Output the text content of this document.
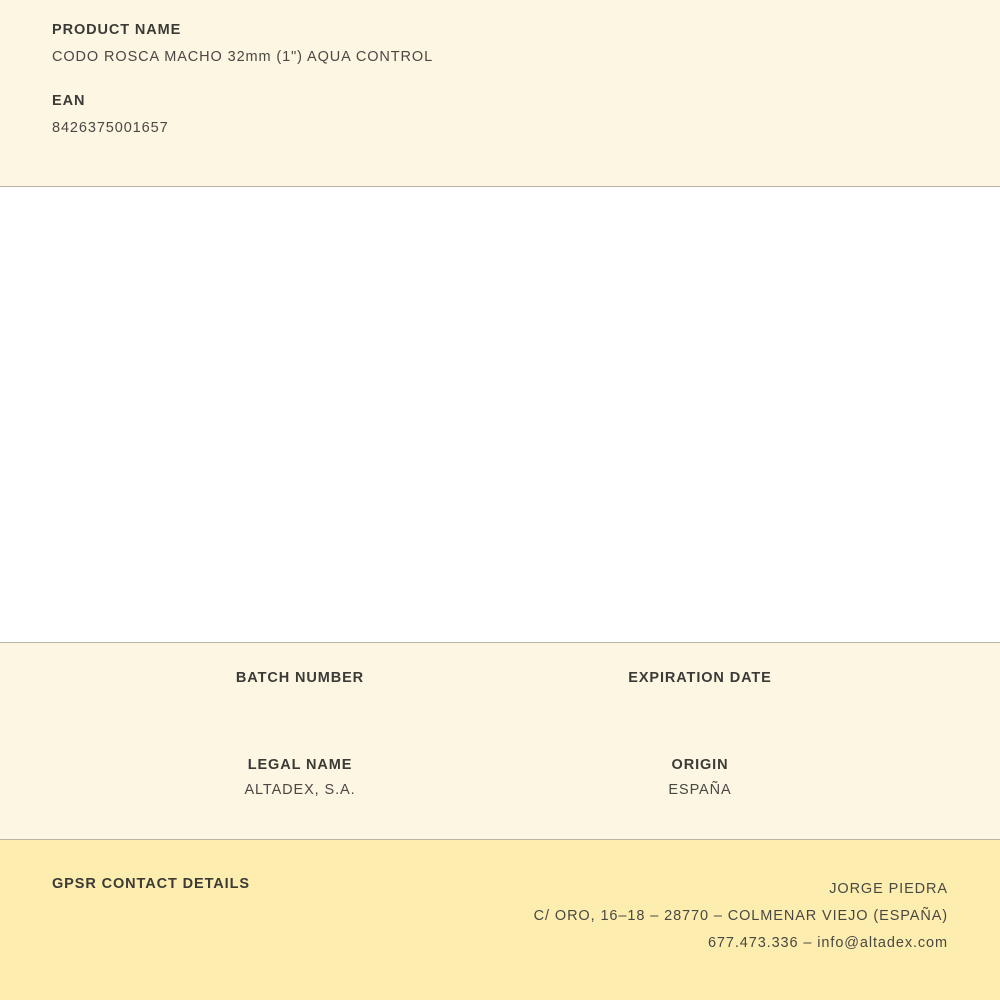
PRODUCT NAME
CODO ROSCA MACHO 32mm (1") AQUA CONTROL
EAN
8426375001657
BATCH NUMBER	EXPIRATION DATE
LEGAL NAME
ALTADEX, S.A.
ORIGIN
ESPAÑA
GPSR CONTACT DETAILS	JORGE PIEDRA
C/ ORO, 16–18 – 28770 – COLMENAR VIEJO (ESPAÑA)
677.473.336 – info@altadex.com
